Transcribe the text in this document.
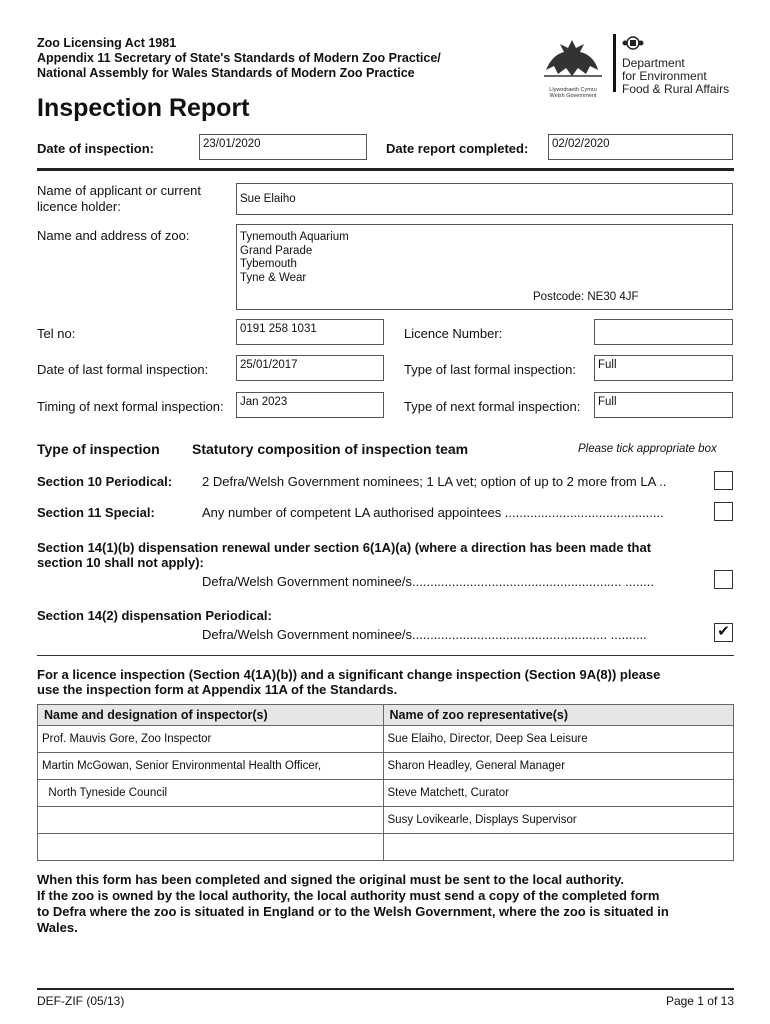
Zoo Licensing Act 1981
Appendix 11 Secretary of State's Standards of Modern Zoo Practice/
National Assembly for Wales Standards of Modern Zoo Practice
Llywodraeth Cymru
Welsh Government
Department
for Environment
Food & Rural Affairs
Inspection Report
Date of inspection:	23/01/2020	Date report completed:	02/02/2020
Name of applicant or current
licence holder:	Sue Elaiho
Name and address of zoo:	Tynemouth Aquarium
Grand Parade
Tybemouth
Tyne & Wear
Postcode: NE30 4JF
Tel no:	0191 258 1031	Licence Number:
Date of last formal inspection:	25/01/2017	Type of last formal inspection:	Full
Timing of next formal inspection:	Jan 2023	Type of next formal inspection:	Full
Type of inspection Statutory composition of inspection team	Please tick appropriate box
Section 10 Periodical: 2 Defra/Welsh Government nominees; 1 LA vet; option of up to 2 more from LA ..
Section 11 Special:	Any number of competent LA authorised appointees ............................................
Section 14(1)(b) dispensation renewal under section 6(1A)(a) (where a direction has been made that
section 10 shall not apply):
Defra/Welsh Government nominee/s.......................................................... ........
Section 14(2) dispensation Periodical:
Defra/Welsh Government nominee/s...................................................... ..........	✔
For a licence inspection (Section 4(1A)(b)) and a significant change inspection (Section 9A(8)) please
use the inspection form at Appendix 11A of the Standards.
Name and designation of inspector(s)	Name of zoo representative(s)
Prof. Mauvis Gore, Zoo Inspector	Sue Elaiho, Director, Deep Sea Leisure
Martin McGowan, Senior Environmental Health Officer,	Sharon Headley, General Manager
North Tyneside Council	Steve Matchett, Curator
	Susy Lovikearle, Displays Supervisor

When this form has been completed and signed the original must be sent to the local authority.
If the zoo is owned by the local authority, the local authority must send a copy of the completed form
to Defra where the zoo is situated in England or to the Welsh Government, where the zoo is situated in
Wales.
DEF-ZIF (05/13)	Page 1 of 13
